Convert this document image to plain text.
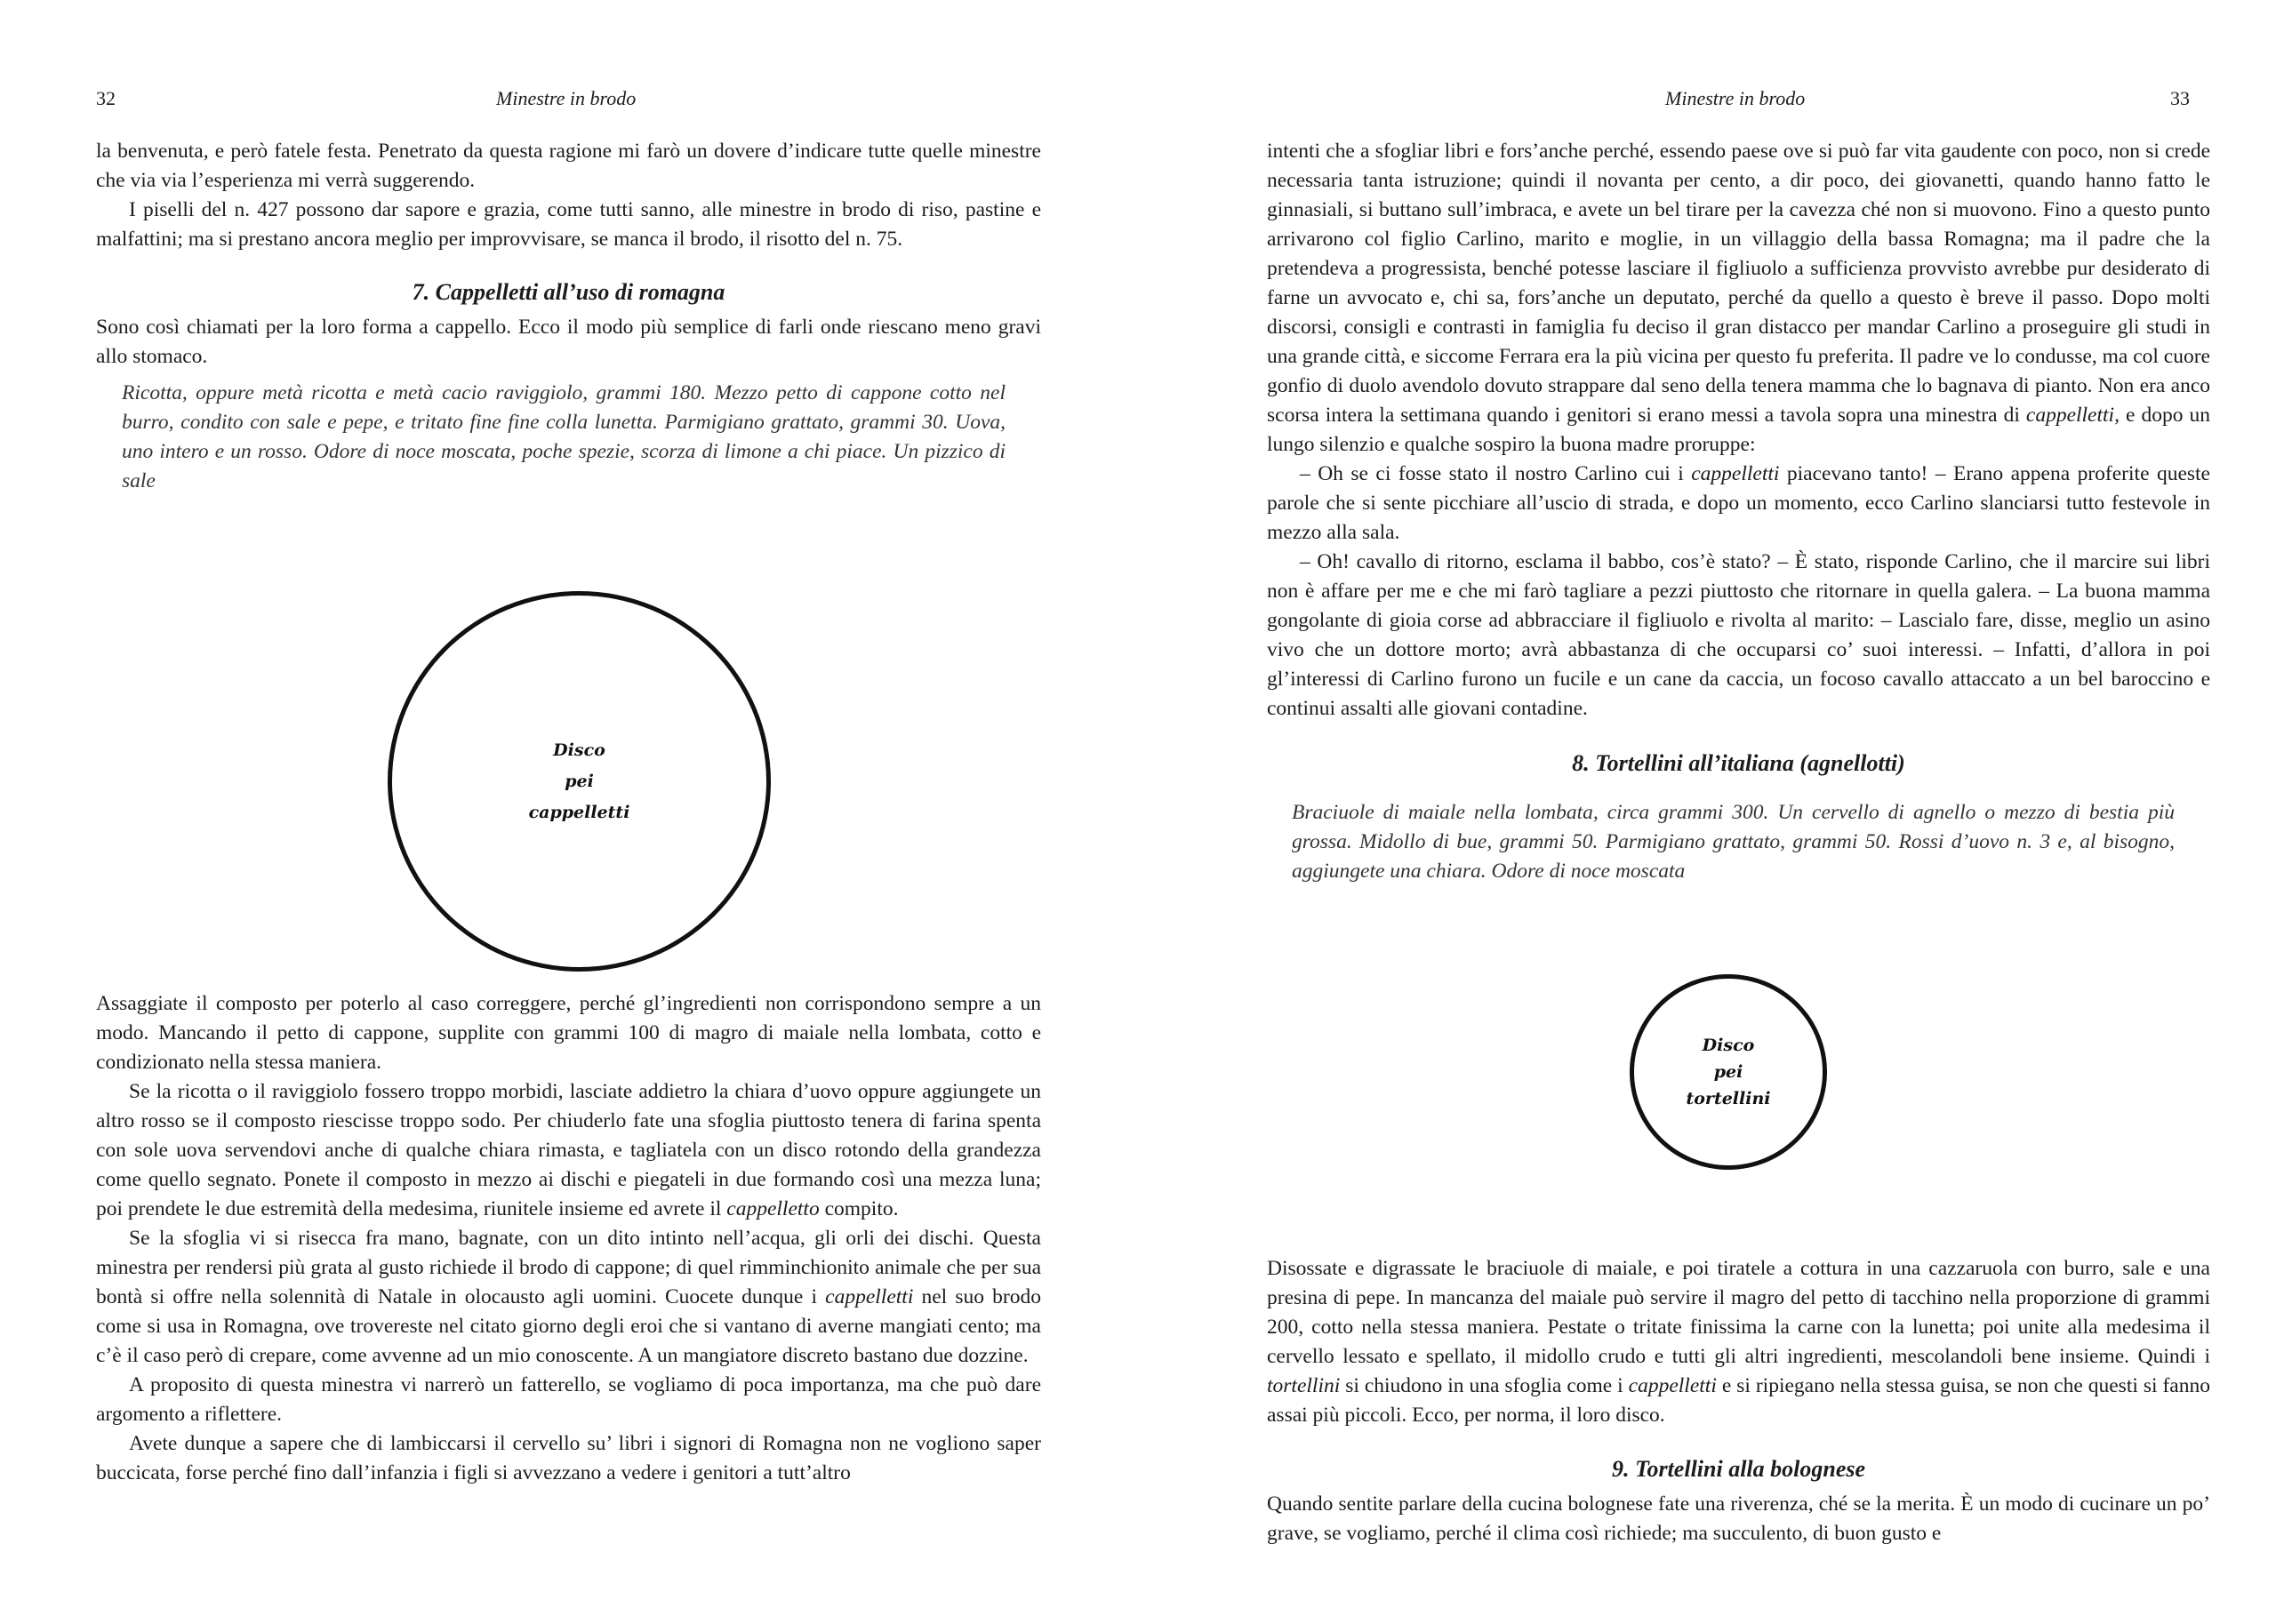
32	Minestre in brodo

la benvenuta, e però fatele festa. Penetrato da questa ragione mi farò un dovere d’indicare tutte quelle minestre che via via l’esperienza mi verrà suggerendo.

I piselli del n. 427 possono dar sapore e grazia, come tutti sanno, alle minestre in brodo di riso, pastine e malfattini; ma si prestano ancora meglio per improvvisare, se manca il brodo, il risotto del n. 75.

7. Cappelletti all’uso di romagna

Sono così chiamati per la loro forma a cappello. Ecco il modo più semplice di farli onde riescano meno gravi allo stomaco.

Ricotta, oppure metà ricotta e metà cacio raviggiolo, grammi 180. Mezzo petto di cappone cotto nel burro, condito con sale e pepe, e tritato fine fine colla lunetta. Parmigiano grattato, grammi 30. Uova, uno intero e un rosso. Odore di noce moscata, poche spezie, scorza di limone a chi piace. Un pizzico di sale

Disco
pei
cappelletti

Assaggiate il composto per poterlo al caso correggere, perché gl’ingredienti non corrispondono sempre a un modo. Mancando il petto di cappone, supplite con grammi 100 di magro di maiale nella lombata, cotto e condizionato nella stessa maniera.

Se la ricotta o il raviggiolo fossero troppo morbidi, lasciate addietro la chiara d’uovo oppure aggiungete un altro rosso se il composto riescisse troppo sodo. Per chiuderlo fate una sfoglia piuttosto tenera di farina spenta con sole uova servendovi anche di qualche chiara rimasta, e tagliatela con un disco rotondo della grandezza come quello segnato. Ponete il composto in mezzo ai dischi e piegateli in due formando così una mezza luna; poi prendete le due estremità della medesima, riunitele insieme ed avrete il cappelletto compito.

Se la sfoglia vi si risecca fra mano, bagnate, con un dito intinto nell’acqua, gli orli dei dischi. Questa minestra per rendersi più grata al gusto richiede il brodo di cappone; di quel rimminchionito animale che per sua bontà si offre nella solennità di Natale in olocausto agli uomini. Cuocete dunque i cappelletti nel suo brodo come si usa in Romagna, ove trovereste nel citato giorno degli eroi che si vantano di averne mangiati cento; ma c’è il caso però di crepare, come avvenne ad un mio conoscente. A un mangiatore discreto bastano due dozzine.

A proposito di questa minestra vi narrerò un fatterello, se vogliamo di poca importanza, ma che può dare argomento a riflettere.

Avete dunque a sapere che di lambiccarsi il cervello su’ libri i signori di Romagna non ne vogliono saper buccicata, forse perché fino dall’infanzia i figli si avvezzano a vedere i genitori a tutt’altro

Minestre in brodo	33

intenti che a sfogliar libri e fors’anche perché, essendo paese ove si può far vita gaudente con poco, non si crede necessaria tanta istruzione; quindi il novanta per cento, a dir poco, dei giovanetti, quando hanno fatto le ginnasiali, si buttano sull’imbraca, e avete un bel tirare per la cavezza ché non si muovono. Fino a questo punto arrivarono col figlio Carlino, marito e moglie, in un villaggio della bassa Romagna; ma il padre che la pretendeva a progressista, benché potesse lasciare il figliuolo a sufficienza provvisto avrebbe pur desiderato di farne un avvocato e, chi sa, fors’anche un deputato, perché da quello a questo è breve il passo. Dopo molti discorsi, consigli e contrasti in famiglia fu deciso il gran distacco per mandar Carlino a proseguire gli studi in una grande città, e siccome Ferrara era la più vicina per questo fu preferita. Il padre ve lo condusse, ma col cuore gonfio di duolo avendolo dovuto strappare dal seno della tenera mamma che lo bagnava di pianto. Non era anco scorsa intera la settimana quando i genitori si erano messi a tavola sopra una minestra di cappelletti, e dopo un lungo silenzio e qualche sospiro la buona madre proruppe:

– Oh se ci fosse stato il nostro Carlino cui i cappelletti piacevano tanto! – Erano appena proferite queste parole che si sente picchiare all’uscio di strada, e dopo un momento, ecco Carlino slanciarsi tutto festevole in mezzo alla sala.

– Oh! cavallo di ritorno, esclama il babbo, cos’è stato? – È stato, risponde Carlino, che il marcire sui libri non è affare per me e che mi farò tagliare a pezzi piuttosto che ritornare in quella galera. – La buona mamma gongolante di gioia corse ad abbracciare il figliuolo e rivolta al marito: – Lascialo fare, disse, meglio un asino vivo che un dottore morto; avrà abbastanza di che occuparsi co’ suoi interessi. – Infatti, d’allora in poi gl’interessi di Carlino furono un fucile e un cane da caccia, un focoso cavallo attaccato a un bel baroccino e continui assalti alle giovani contadine.

8. Tortellini all’italiana (agnellotti)

Braciuole di maiale nella lombata, circa grammi 300. Un cervello di agnello o mezzo di bestia più grossa. Midollo di bue, grammi 50. Parmigiano grattato, grammi 50. Rossi d’uovo n. 3 e, al bisogno, aggiungete una chiara. Odore di noce moscata

Disossate e digrassate le braciuole di maiale, e poi tiratele a cottura in una cazzaruola con burro, sale e una presina di pepe. In mancanza del maiale può servire il magro del petto di tacchino nella proporzione di grammi 200, cotto nella stessa maniera. Pestate o tritate finissima la carne con la lunetta; poi unite alla medesima il cervello lessato e spellato, il midollo crudo e tutti gli altri ingredienti, mescolandoli bene insieme. Quindi i tortellini si chiudono in una sfoglia come i cappelletti e si ripiegano nella stessa guisa, se non che questi si fanno assai più piccoli. Ecco, per norma, il loro disco.

9. Tortellini alla bolognese

Quando sentite parlare della cucina bolognese fate una riverenza, ché se la merita. È un modo di cucinare un po’ grave, se vogliamo, perché il clima così richiede; ma succulento, di buon gusto e

Disco
pei
tortellini
